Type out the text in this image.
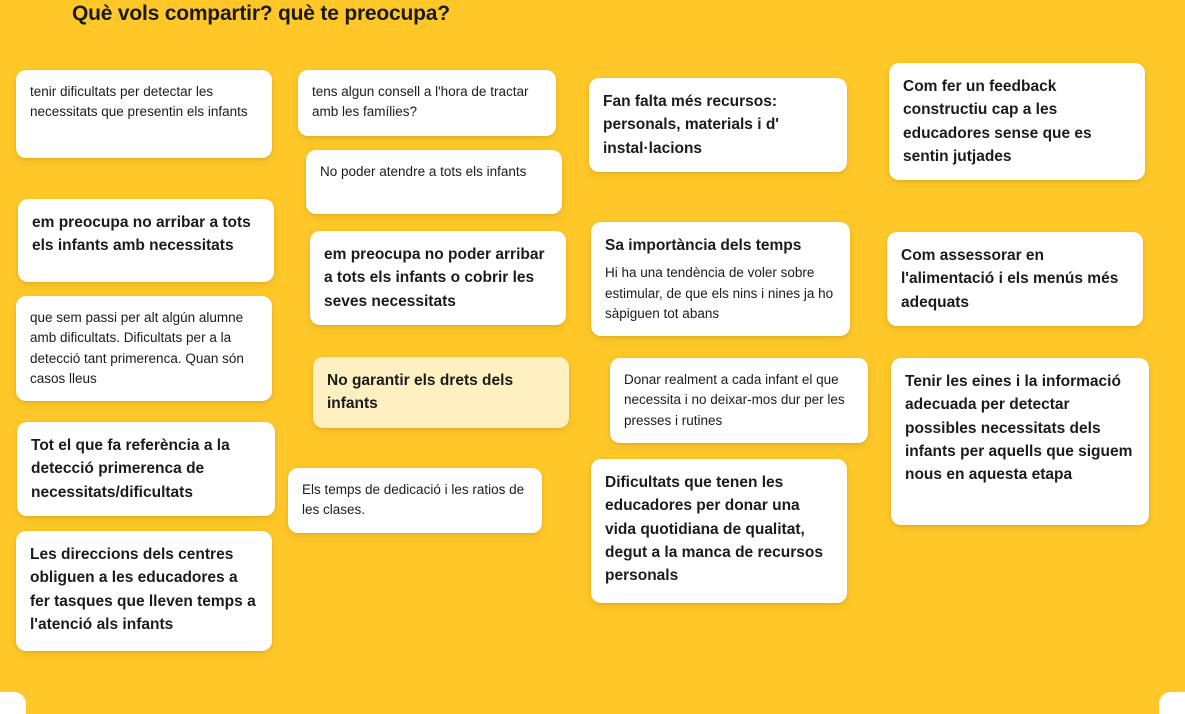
Què vols compartir? què te preocupa?

tenir dificultats per detectar les necessitats que presentin els infants

em preocupa no arribar a tots els infants amb necessitats

que sem passi per alt algún alumne amb dificultats. Dificultats per a la detecció tant primerenca. Quan són casos lleus

Tot el que fa referència a la detecció primerenca de necessitats/dificultats

Les direccions dels centres obliguen a les educadores a fer tasques que lleven temps a l'atenció als infants

tens algun consell a l'hora de tractar amb les famílies?

No poder atendre a tots els infants

em preocupa no poder arribar a tots els infants o cobrir les seves necessitats

No garantir els drets dels infants

Els temps de dedicació i les ratios de les clases.

Fan falta més recursos: personals, materials i d' instal·lacions

Sa importància dels temps

Hi ha una tendència de voler sobre estimular, de que els nins i nines ja ho sàpiguen tot abans

Donar realment a cada infant el que necessita i no deixar-mos dur per les presses i rutines

Dificultats que tenen les educadores per donar una vida quotidiana de qualitat, degut a la manca de recursos personals

Com fer un feedback constructiu cap a les educadores sense que es sentin jutjades

Com assessorar en l'alimentació i els menús més adequats

Tenir les eines i la informació adecuada per detectar possibles necessitats dels infants per aquells que siguem nous en aquesta etapa
